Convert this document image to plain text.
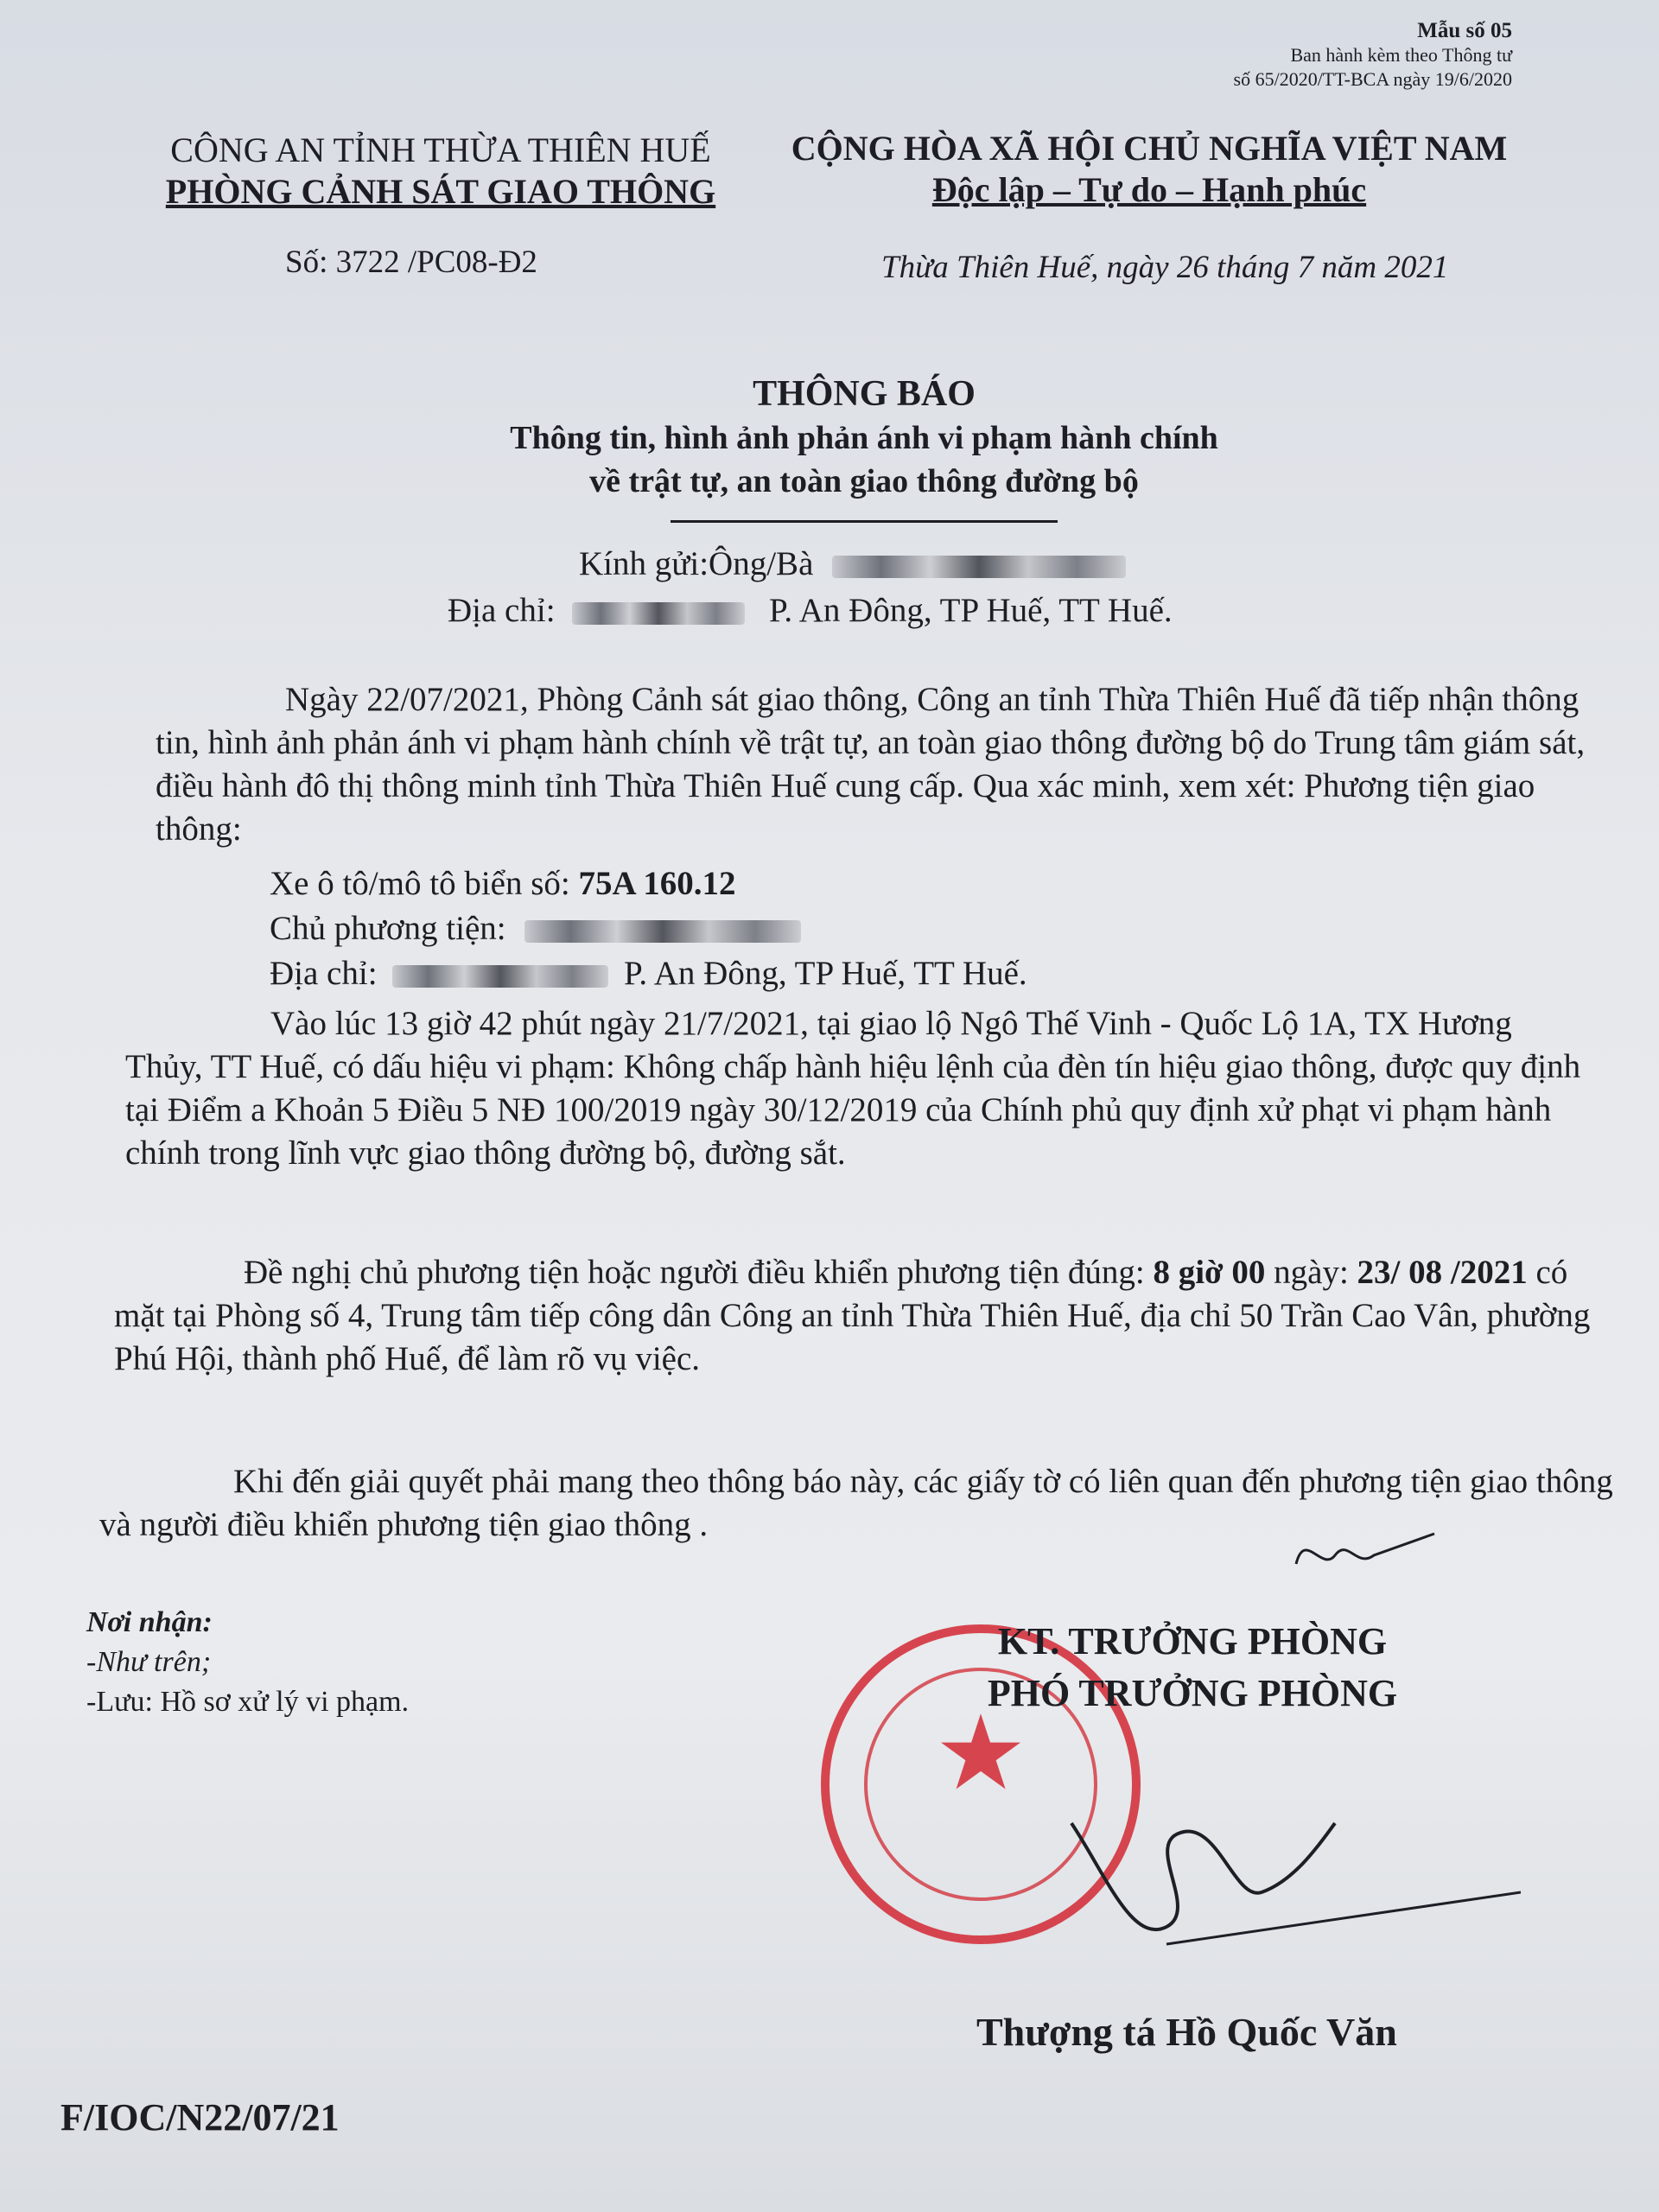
Mẫu số 05
Ban hành kèm theo Thông tư
số 65/2020/TT-BCA ngày 19/6/2020
CÔNG AN TỈNH THỪA THIÊN HUẾ
PHÒNG CẢNH SÁT GIAO THÔNG
CỘNG HÒA XÃ HỘI CHỦ NGHĨA VIỆT NAM
Độc lập – Tự do – Hạnh phúc
Số: 3722 /PC08-Đ2	Thừa Thiên Huế, ngày 26 tháng 7 năm 2021
THÔNG BÁO
Thông tin, hình ảnh phản ánh vi phạm hành chính
về trật tự, an toàn giao thông đường bộ
Kính gửi:Ông/Bà
Địa chỉ:	P. An Đông, TP Huế, TT Huế.
Ngày 22/07/2021, Phòng Cảnh sát giao thông, Công an tỉnh Thừa Thiên Huế đã tiếp nhận thông tin, hình ảnh phản ánh vi phạm hành chính về trật tự, an toàn giao thông đường bộ do Trung tâm giám sát, điều hành đô thị thông minh tỉnh Thừa Thiên Huế cung cấp. Qua xác minh, xem xét: Phương tiện giao thông:
Xe ô tô/mô tô biển số: 75A 160.12
Chủ phương tiện:
Địa chỉ:	P. An Đông, TP Huế, TT Huế.
Vào lúc 13 giờ 42 phút ngày 21/7/2021, tại giao lộ Ngô Thế Vinh - Quốc Lộ 1A, TX Hương Thủy, TT Huế, có dấu hiệu vi phạm: Không chấp hành hiệu lệnh của đèn tín hiệu giao thông, được quy định tại Điểm a Khoản 5 Điều 5 NĐ 100/2019 ngày 30/12/2019 của Chính phủ quy định xử phạt vi phạm hành chính trong lĩnh vực giao thông đường bộ, đường sắt.
Đề nghị chủ phương tiện hoặc người điều khiển phương tiện đúng: 8 giờ 00 ngày: 23/ 08 /2021 có mặt tại Phòng số 4, Trung tâm tiếp công dân Công an tỉnh Thừa Thiên Huế, địa chỉ 50 Trần Cao Vân, phường Phú Hội, thành phố Huế, để làm rõ vụ việc.
Khi đến giải quyết phải mang theo thông báo này, các giấy tờ có liên quan đến phương tiện giao thông và người điều khiển phương tiện giao thông .
Nơi nhận:
-Như trên;
-Lưu: Hồ sơ xử lý vi phạm.	★
KT. TRƯỞNG PHÒNG
PHÓ TRƯỞNG PHÒNG
Thượng tá Hồ Quốc Văn
F/IOC/N22/07/21
